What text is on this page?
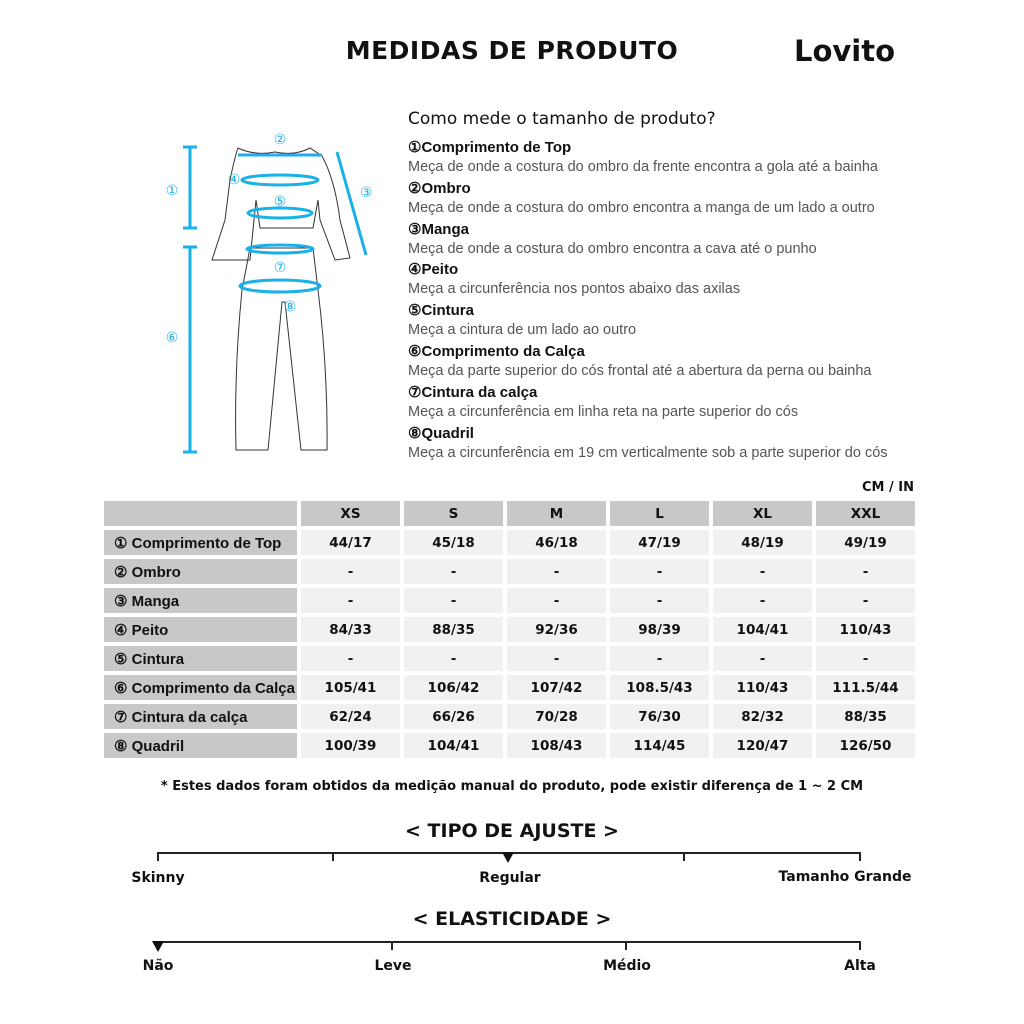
MEDIDAS DE PRODUTO	Lovito
①
②
③
④
⑤
⑥
⑦
⑧
Como mede o tamanho de produto?
①Comprimento de Top
Meça de onde a costura do ombro da frente encontra a gola até a bainha
②Ombro
Meça de onde a costura do ombro encontra a manga de um lado a outro
③Manga
Meça de onde a costura do ombro encontra a cava até o punho
④Peito
Meça a circunferência nos pontos abaixo das axilas
⑤Cintura
Meça a cintura de um lado ao outro
⑥Comprimento da Calça
Meça da parte superior do cós frontal até a abertura da perna ou bainha
⑦Cintura da calça
Meça a circunferência em linha reta na parte superior do cós
⑧Quadril
Meça a circunferência em 19 cm verticalmente sob a parte superior do cós
CM / IN
	XS	S	M	L	XL	XXL
① Comprimento de Top	44/17	45/18	46/18	47/19	48/19	49/19
② Ombro	-	-	-	-	-	-
③ Manga	-	-	-	-	-	-
④ Peito	84/33	88/35	92/36	98/39	104/41	110/43
⑤ Cintura	-	-	-	-	-	-
⑥ Comprimento da Calça	105/41	106/42	107/42	108.5/43	110/43	111.5/44
⑦ Cintura da calça	62/24	66/26	70/28	76/30	82/32	88/35
⑧ Quadril	100/39	104/41	108/43	114/45	120/47	126/50
* Estes dados foram obtidos da medição manual do produto, pode existir diferença de 1 ~ 2 CM
< TIPO DE AJUSTE >
Skinny	Regular	Tamanho Grande
< ELASTICIDADE >
Não	Leve	Médio	Alta
